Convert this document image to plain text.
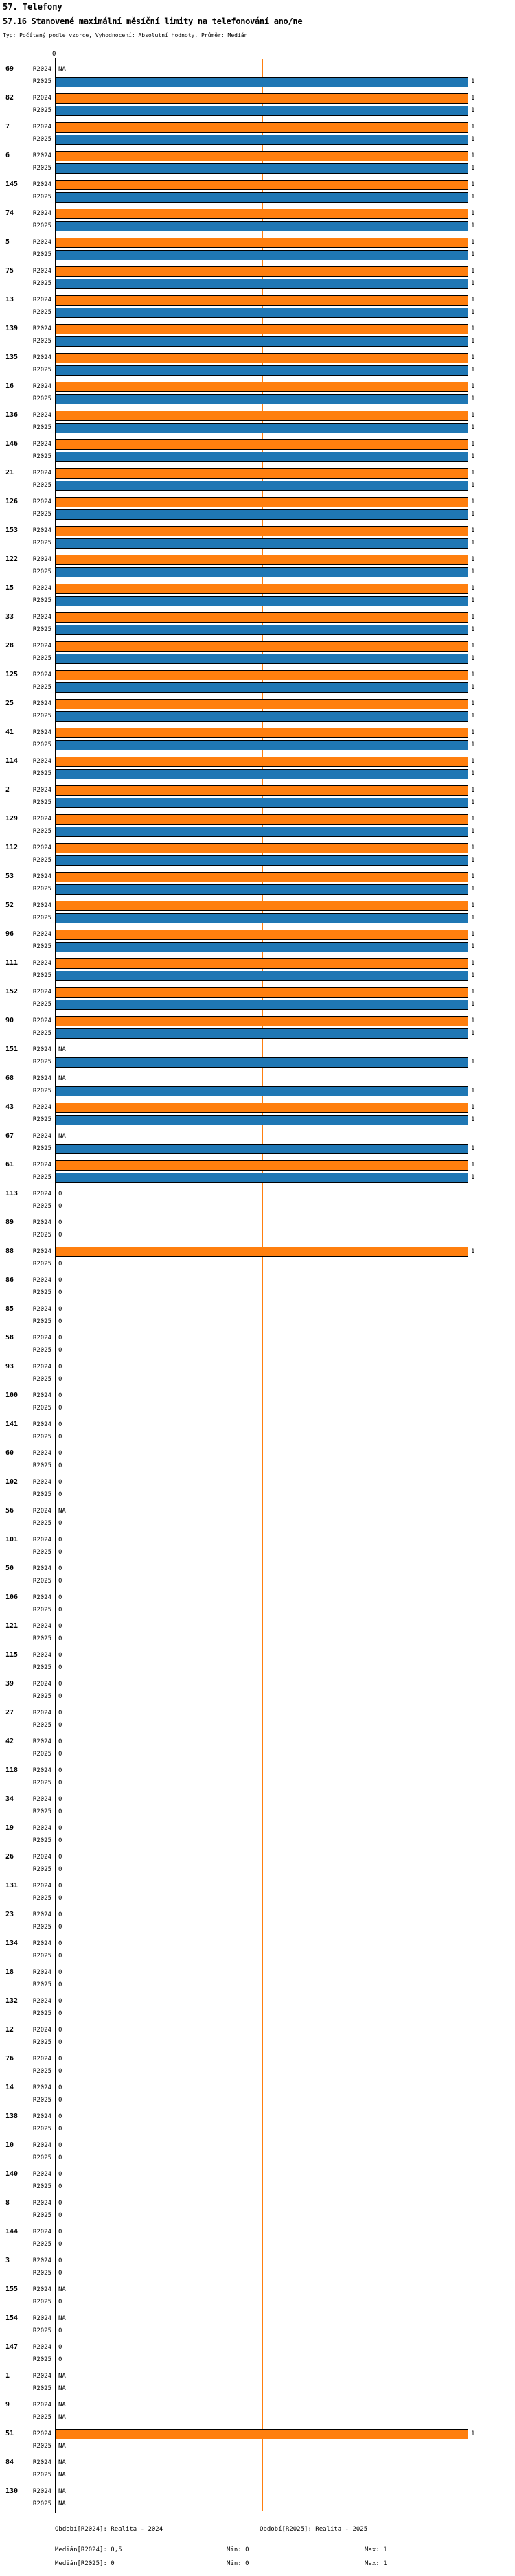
57. Telefony
57.16 Stanovené maximální měsíční limity na telefonování ano/ne
Typ: Počítaný podle vzorce, Vyhodnocení: Absolutní hodnoty, Průměr: Medián
0
69	R2024	NA
R2025	1
82	R2024	1
R2025	1
7	R2024	1
R2025	1
6	R2024	1
R2025	1
145	R2024	1
R2025	1
74	R2024	1
R2025	1
5	R2024	1
R2025	1
75	R2024	1
R2025	1
13	R2024	1
R2025	1
139	R2024	1
R2025	1
135	R2024	1
R2025	1
16	R2024	1
R2025	1
136	R2024	1
R2025	1
146	R2024	1
R2025	1
21	R2024	1
R2025	1
126	R2024	1
R2025	1
153	R2024	1
R2025	1
122	R2024	1
R2025	1
15	R2024	1
R2025	1
33	R2024	1
R2025	1
28	R2024	1
R2025	1
125	R2024	1
R2025	1
25	R2024	1
R2025	1
41	R2024	1
R2025	1
114	R2024	1
R2025	1
2	R2024	1
R2025	1
129	R2024	1
R2025	1
112	R2024	1
R2025	1
53	R2024	1
R2025	1
52	R2024	1
R2025	1
96	R2024	1
R2025	1
111	R2024	1
R2025	1
152	R2024	1
R2025	1
90	R2024	1
R2025	1
151	R2024	NA
R2025	1
68	R2024	NA
R2025	1
43	R2024	1
R2025	1
67	R2024	NA
R2025	1
61	R2024	1
R2025	1
113	R2024	0
R2025	0
89	R2024	0
R2025	0
88	R2024	1
R2025	0
86	R2024	0
R2025	0
85	R2024	0
R2025	0
58	R2024	0
R2025	0
93	R2024	0
R2025	0
100	R2024	0
R2025	0
141	R2024	0
R2025	0
60	R2024	0
R2025	0
102	R2024	0
R2025	0
56	R2024	NA
R2025	0
101	R2024	0
R2025	0
50	R2024	0
R2025	0
106	R2024	0
R2025	0
121	R2024	0
R2025	0
115	R2024	0
R2025	0
39	R2024	0
R2025	0
27	R2024	0
R2025	0
42	R2024	0
R2025	0
118	R2024	0
R2025	0
34	R2024	0
R2025	0
19	R2024	0
R2025	0
26	R2024	0
R2025	0
131	R2024	0
R2025	0
23	R2024	0
R2025	0
134	R2024	0
R2025	0
18	R2024	0
R2025	0
132	R2024	0
R2025	0
12	R2024	0
R2025	0
76	R2024	0
R2025	0
14	R2024	0
R2025	0
138	R2024	0
R2025	0
10	R2024	0
R2025	0
140	R2024	0
R2025	0
8	R2024	0
R2025	0
144	R2024	0
R2025	0
3	R2024	0
R2025	0
155	R2024	NA
R2025	0
154	R2024	NA
R2025	0
147	R2024	0
R2025	0
1	R2024	NA
R2025	NA
9	R2024	NA
R2025	NA
51	R2024	1
R2025	NA
84	R2024	NA
R2025	NA
130	R2024	NA
R2025	NA
Období[R2024]: Realita - 2024	Období[R2025]: Realita - 2025
Medián[R2024]: 0,5	Min: 0	Max: 1
Medián[R2025]: 0	Min: 0	Max: 1
